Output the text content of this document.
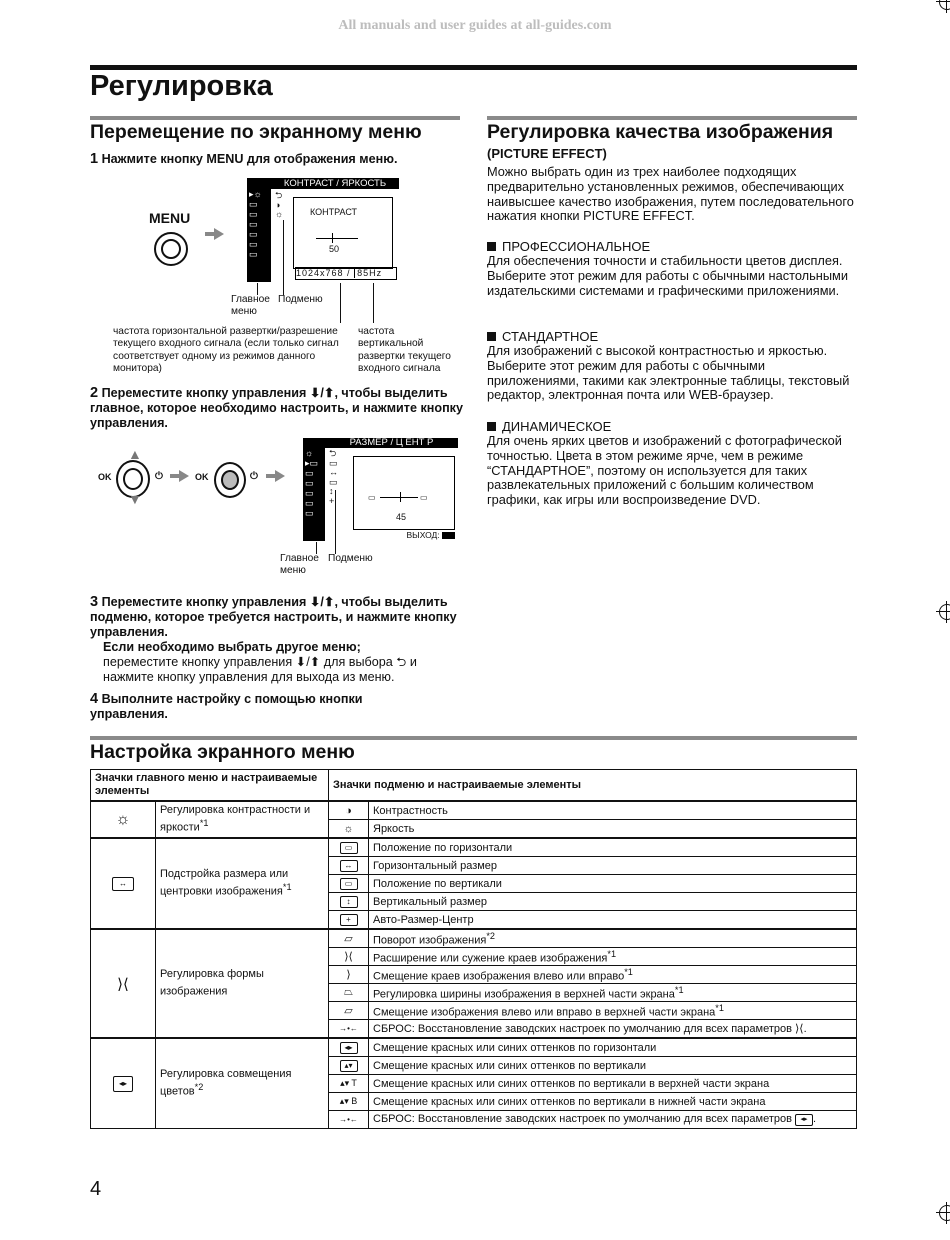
All manuals and user guides at all-guides.com
Регулировка
Перемещение по экранному меню
1 Нажмите кнопку MENU для отображения меню.
MENU
КОНТРАСТ / ЯРКОСТЬ
▸☼
▭
▭
▭
▭
▭
▭
⮌
◑
☼	КОНТРАСТ
50
1024x768 / 85Hz
Главное меню
Подменю
частота горизонтальной развертки/разрешение текущего входного сигнала (если только сигнал соответствует одному из режимов данного монитора)
частота вертикальной развертки текущего входного сигнала
2 Переместите кнопку управления ⬇/⬆, чтобы выделить главное, которое необходимо настроить, и нажмите кнопку управления.
OK
▲
▼
⏻	OK	⏻
РАЗМЕР / Ц ЕНТ Р
☼
▸▭
▭
▭
▭
▭
▭
⮌
▭
↔
▭
↕
+	▭	▭
45
ВЫХОД:
Главное меню
Подменю
3 Переместите кнопку управления ⬇/⬆, чтобы выделить подменю, которое требуется настроить, и нажмите кнопку управления.
Если необходимо выбрать другое меню;
переместите кнопку управления ⬇/⬆ для выбора ⮌ и нажмите кнопку управления для выхода из меню.
4 Выполните настройку с помощью кнопки управления.
Регулировка качества изображения
(PICTURE EFFECT)
Можно выбрать один из трех наиболее подходящих предварительно установленных режимов, обеспечивающих наивысшее качество изображения, путем последовательного нажатия кнопки PICTURE EFFECT.
ПРОФЕССИОНАЛЬНОЕ
Для обеспечения точности и стабильности цветов дисплея. Выберите этот режим для работы с обычными настольными издательскими системами и графическими приложениями.
СТАНДАРТНОЕ
Для изображений с высокой контрастностью и яркостью. Выберите этот режим для работы с обычными приложениями, такими как электронные таблицы, текстовый редактор, электронная почта или WEB-браузер.
ДИНАМИЧЕСКОЕ
Для очень ярких цветов и изображений с фотографической точностью. Цвета в этом режиме ярче, чем в режиме “СТАНДАРТНОЕ”, поэтому он используется для таких развлекательных приложений с большим количеством графики, как игры или воспроизведение DVD.
Настройка экранного меню
Значки главного меню и настраиваемые элементы		Значки подменю и настраиваемые элементы	
☼	Регулировка контрастности и яркости$^{*1}$	◑	Контрастность
		☼	Яркость
↔	Подстройка размера или центровки изображения$^{*1}$	▭	Положение по горизонтали
		↔	Горизонтальный размер
		▭	Положение по вертикали
		↕	Вертикальный размер
		+	Авто-Размер-Центр
⟩⟨	Регулировка формы изображения	▱	Поворот изображения$^{*2}$
		⟩⟨	Расширение или сужение краев изображения$^{*1}$
		⟩	Смещение краев изображения влево или вправо$^{*1}$
		⏢	Регулировка ширины изображения в верхней части экрана$^{*1}$
		▱	Смещение изображения влево или вправо в верхней части экрана$^{*1}$
		→•←	СБРОС: Восстановление заводских настроек по умолчанию для всех параметров ⟩⟨.
◂▸	Регулировка совмещения цветов$^{*2}$	◂▸	Смещение красных или синих оттенков по горизонтали
		▴▾	Смещение красных или синих оттенков по вертикали
		▴▾ T	Смещение красных или синих оттенков по вертикали в верхней части экрана
		▴▾ B	Смещение красных или синих оттенков по вертикали в нижней части экрана
		→•←	СБРОС: Восстановление заводских настроек по умолчанию для всех параметров ◂▸ .
4
